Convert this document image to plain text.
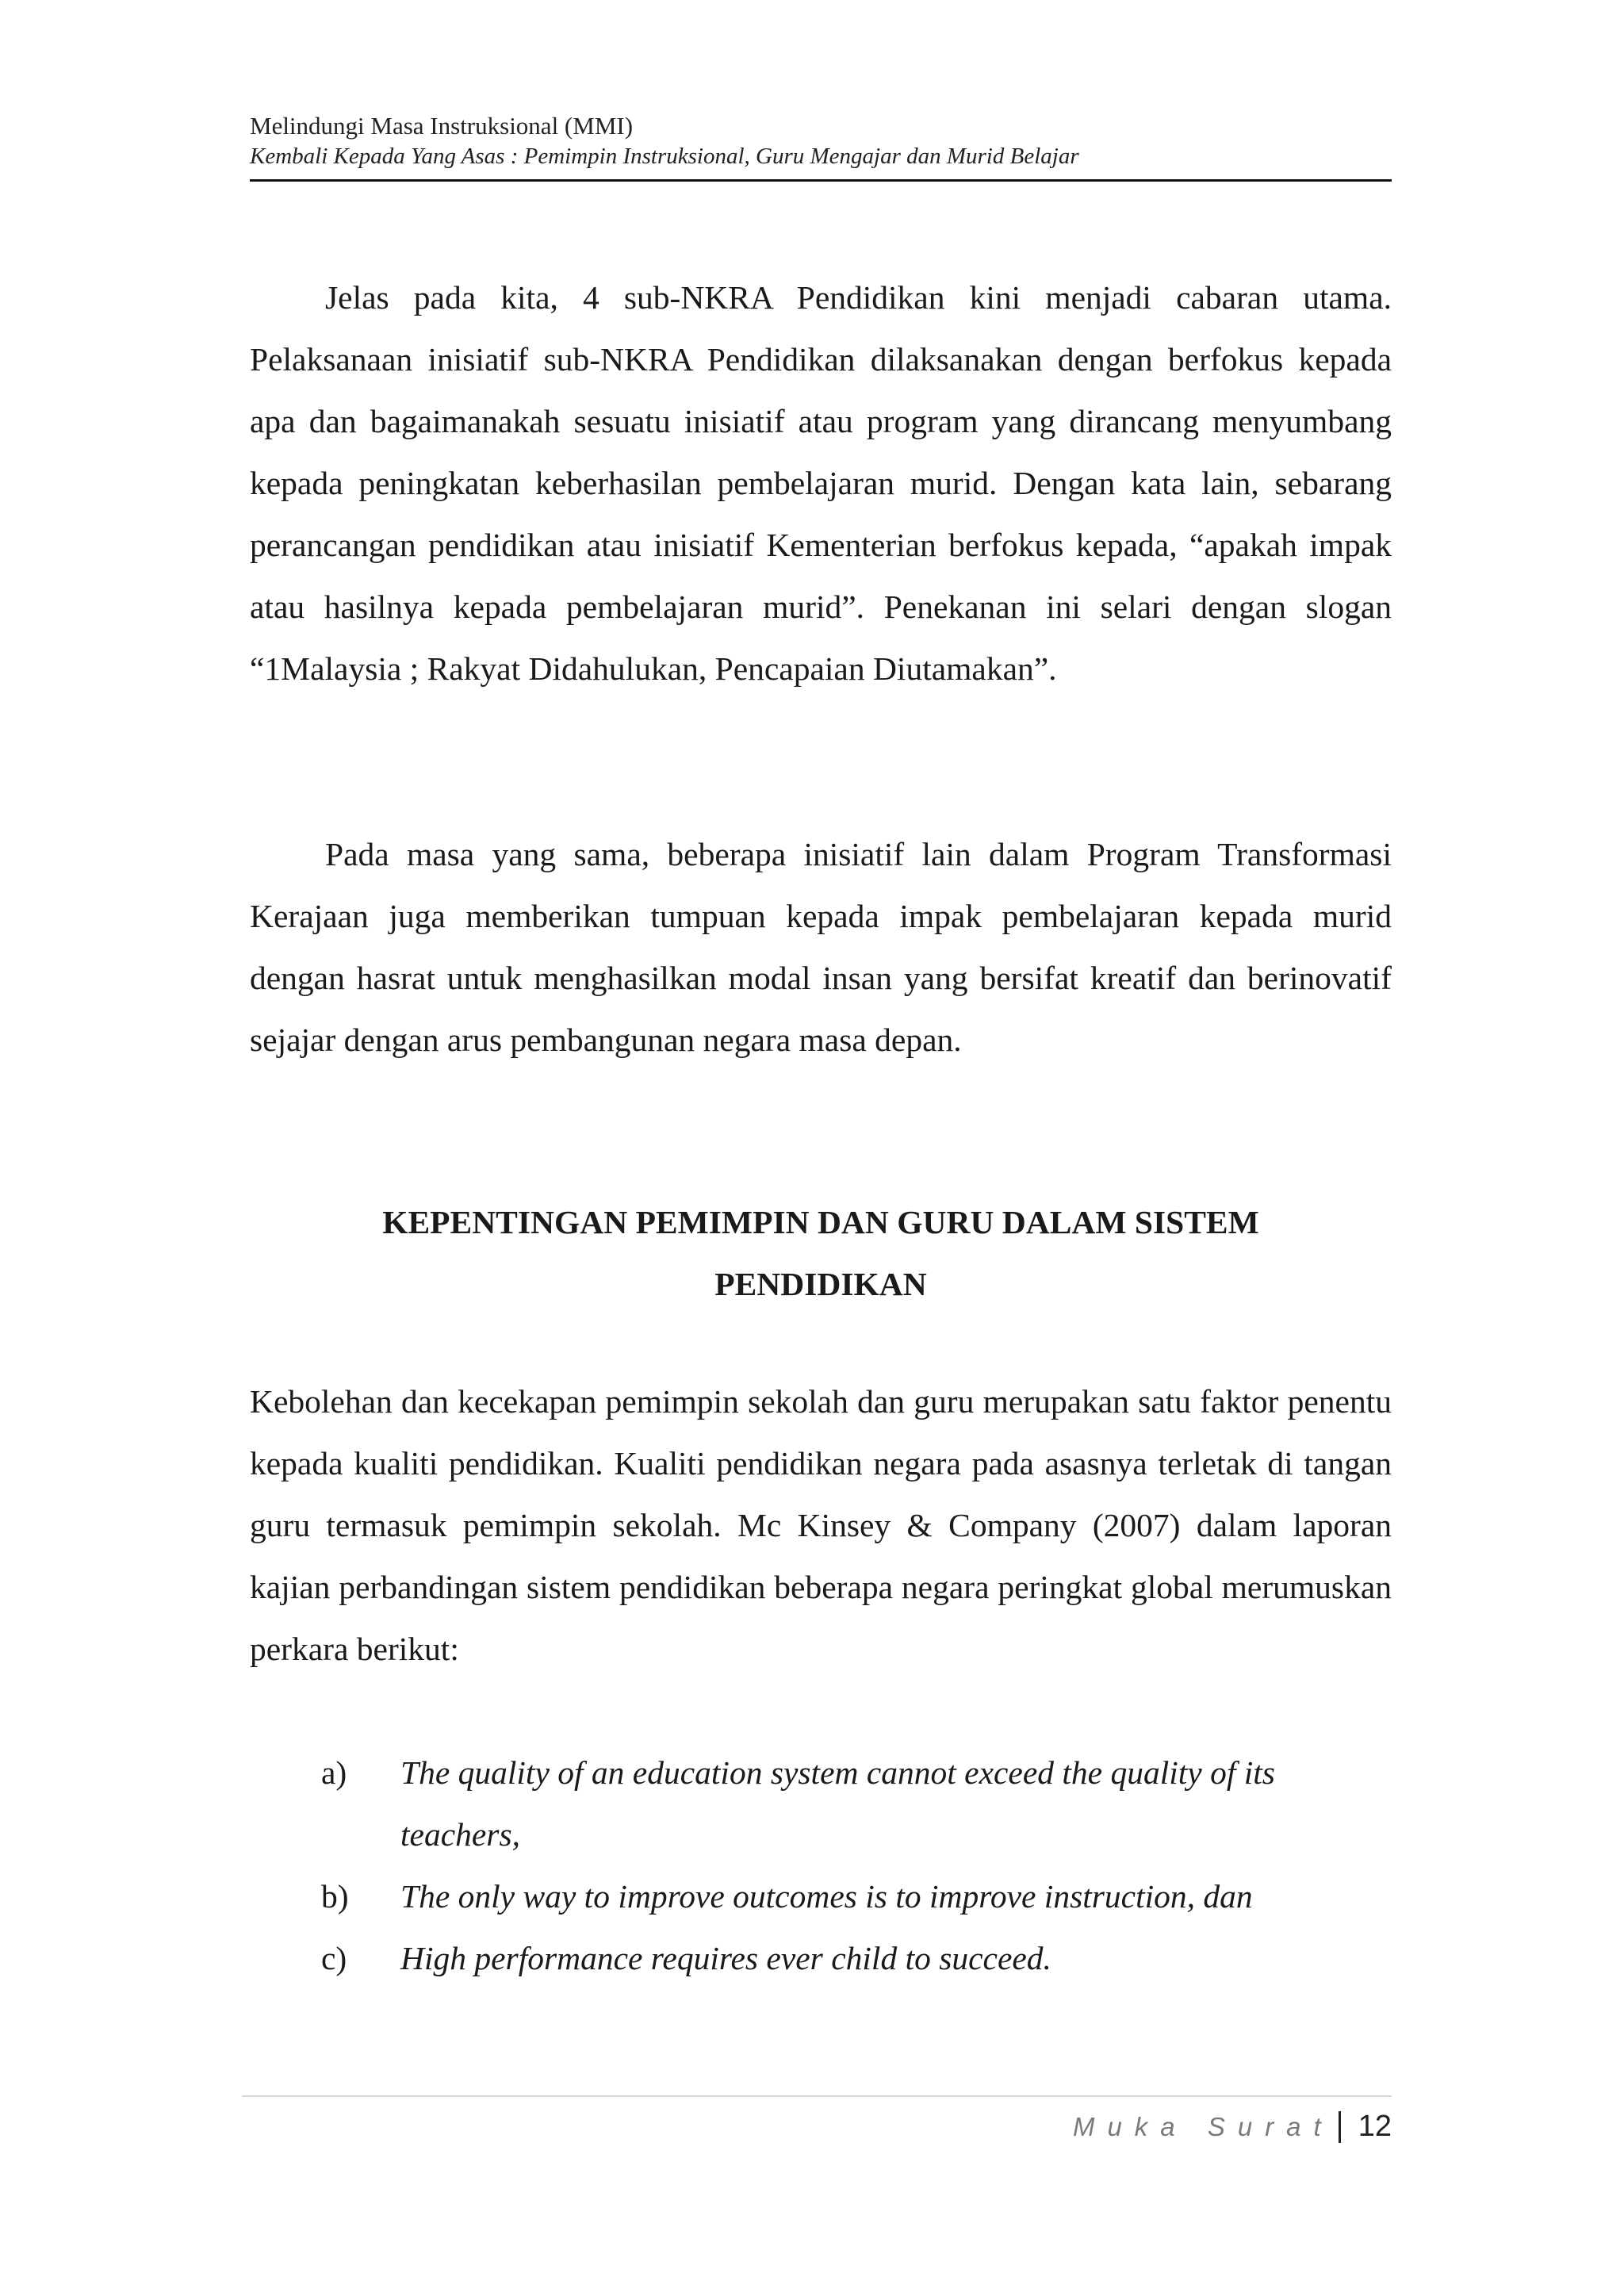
Melindungi Masa Instruksional (MMI)
Kembali Kepada Yang Asas : Pemimpin Instruksional, Guru Mengajar dan Murid Belajar

Jelas pada kita, 4 sub-NKRA Pendidikan kini menjadi cabaran utama. Pelaksanaan inisiatif sub-NKRA Pendidikan dilaksanakan dengan berfokus kepada apa dan bagaimanakah sesuatu inisiatif atau program yang dirancang menyumbang kepada peningkatan keberhasilan pembelajaran murid. Dengan kata lain, sebarang perancangan pendidikan atau inisiatif Kementerian berfokus kepada, “apakah impak atau hasilnya kepada pembelajaran murid”. Penekanan ini selari dengan slogan “1Malaysia ; Rakyat Didahulukan, Pencapaian Diutamakan”.

Pada masa yang sama, beberapa inisiatif lain dalam Program Transformasi Kerajaan juga memberikan tumpuan kepada impak pembelajaran kepada murid dengan hasrat untuk menghasilkan modal insan yang bersifat kreatif dan berinovatif sejajar dengan arus pembangunan negara masa depan.

KEPENTINGAN PEMIMPIN DAN GURU DALAM SISTEM
PENDIDIKAN

Kebolehan dan kecekapan pemimpin sekolah dan guru merupakan satu faktor penentu kepada kualiti pendidikan. Kualiti pendidikan negara pada asasnya terletak di tangan guru termasuk pemimpin sekolah. Mc Kinsey & Company (2007) dalam laporan kajian perbandingan sistem pendidikan beberapa negara peringkat global merumuskan perkara berikut:

a)	The quality of an education system cannot exceed the quality of its teachers,
b)	The only way to improve outcomes is to improve instruction, dan
c)	High performance requires ever child to succeed.
Muka Surat 12
